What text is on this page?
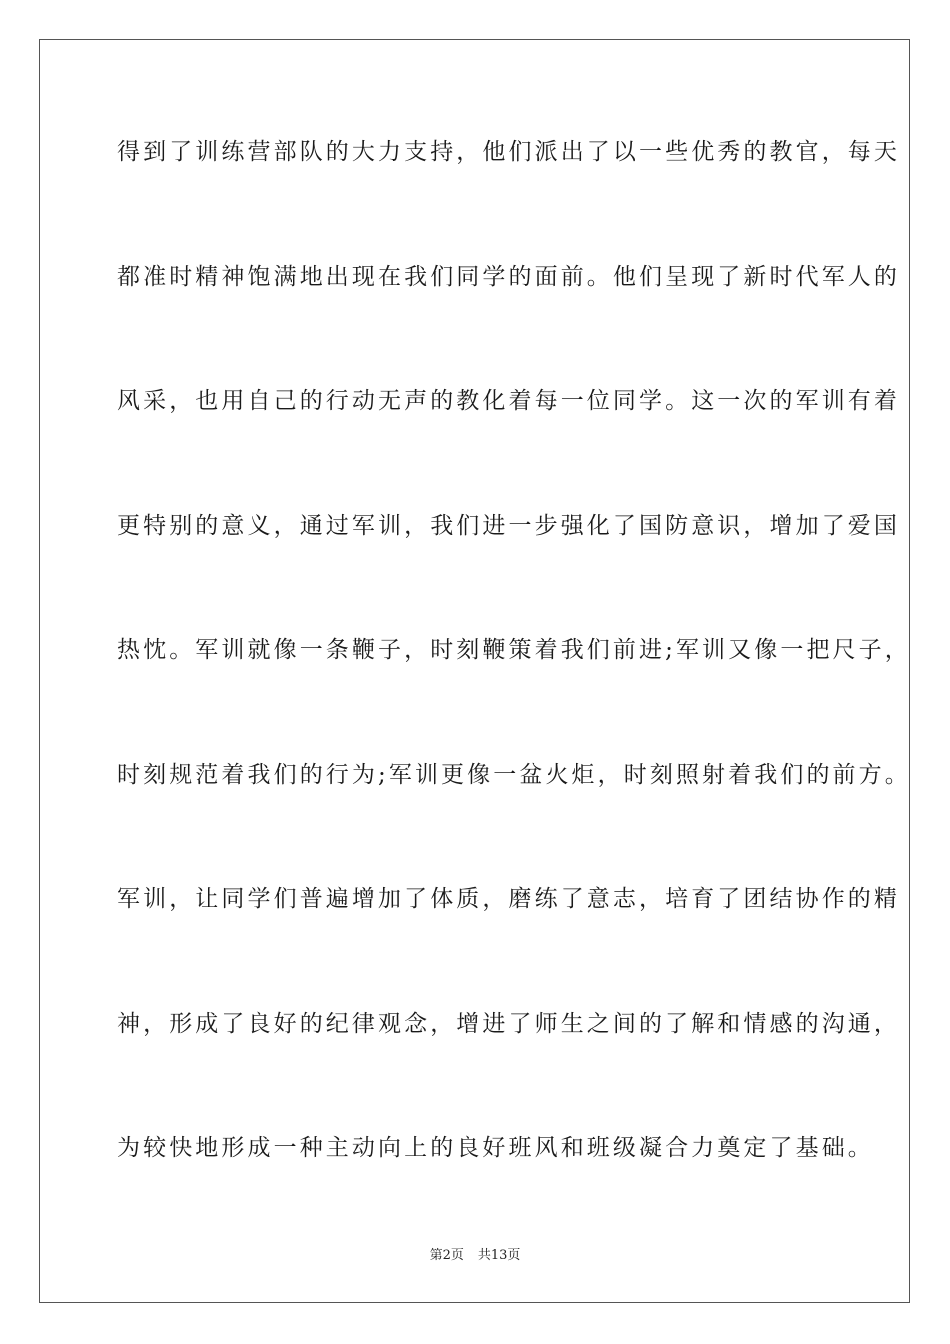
得到了训练营部队的大力支持，他们派出了以一些优秀的教官，每天
都准时精神饱满地出现在我们同学的面前。他们呈现了新时代军人的
风采，也用自己的行动无声的教化着每一位同学。这一次的军训有着
更特别的意义，通过军训，我们进一步强化了国防意识，增加了爱国
热忱。军训就像一条鞭子，时刻鞭策着我们前进;军训又像一把尺子，
时刻规范着我们的行为;军训更像一盆火炬，时刻照射着我们的前方。
军训，让同学们普遍增加了体质，磨练了意志，培育了团结协作的精
神，形成了良好的纪律观念，增进了师生之间的了解和情感的沟通，
为较快地形成一种主动向上的良好班风和班级凝合力奠定了基础。
第2页 共13页
